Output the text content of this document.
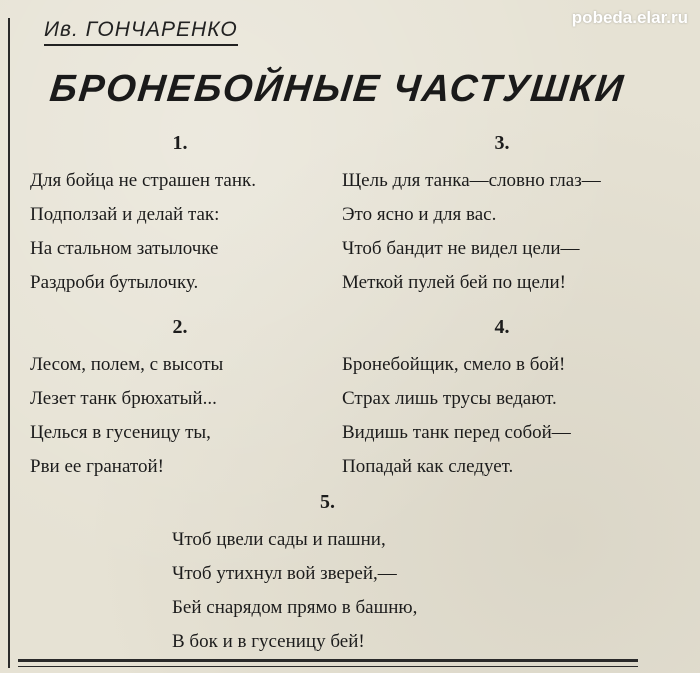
pobeda.elar.ru
Ив. ГОНЧАРЕНКО
БРОНЕБОЙНЫЕ ЧАСТУШКИ
1.
Для бойца не страшен танк.
Подползай и делай так:
На стальном затылочке
Раздроби бутылочку.
3.
Щель для танка—словно глаз—
Это ясно и для вас.
Чтоб бандит не видел цели—
Меткой пулей бей по щели!
2.
Лесом, полем, с высоты
Лезет танк брюхатый...
Целься в гусеницу ты,
Рви ее гранатой!
4.
Бронебойщик, смело в бой!
Страх лишь трусы ведают.
Видишь танк перед собой—
Попадай как следует.
5.
Чтоб цвели сады и пашни,
Чтоб утихнул вой зверей,—
Бей снарядом прямо в башню,
В бок и в гусеницу бей!
